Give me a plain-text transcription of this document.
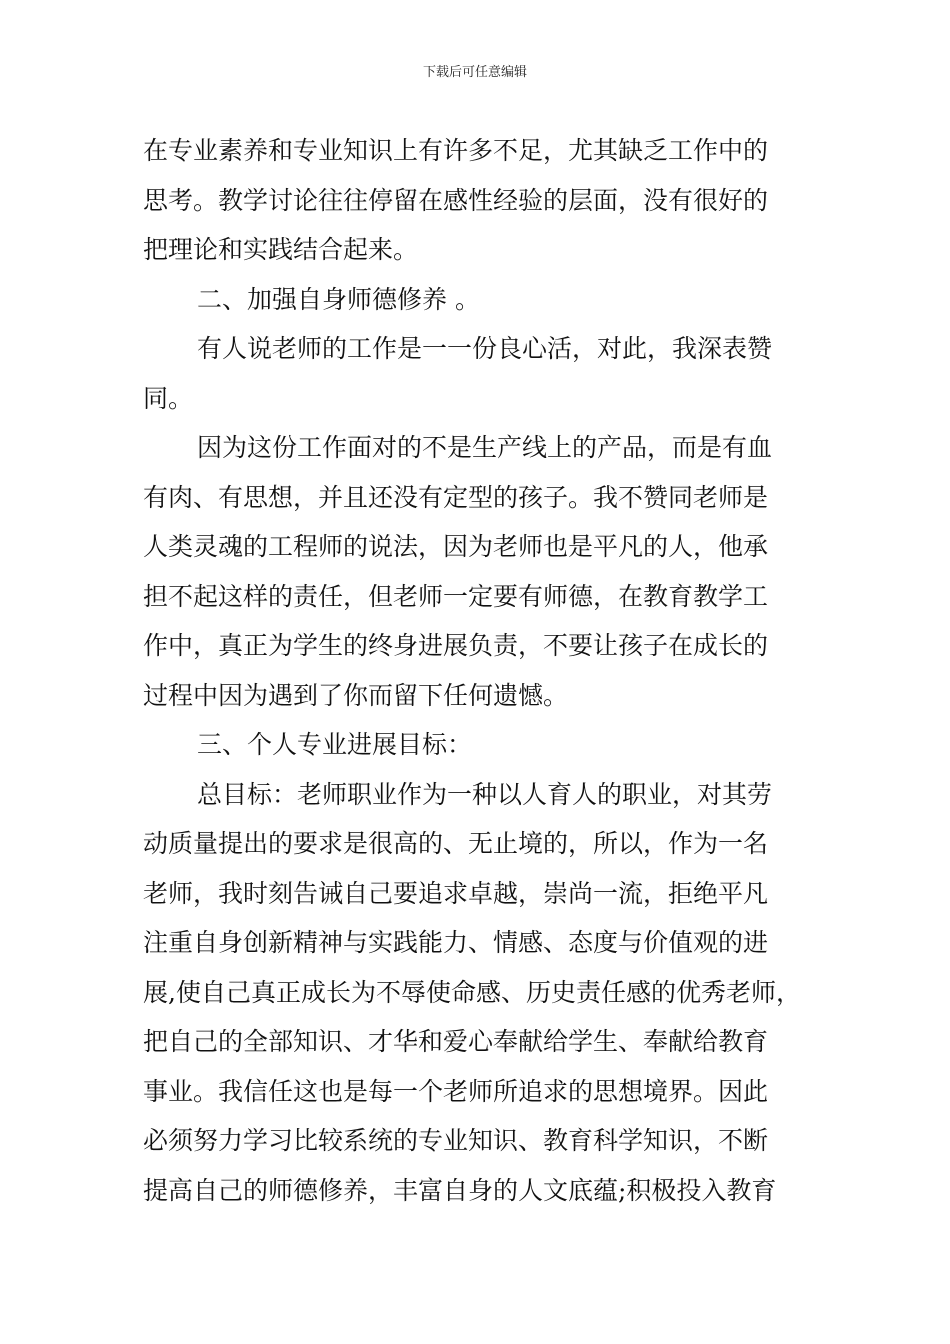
下载后可任意编辑
在专业素养和专业知识上有许多不足，尤其缺乏工作中的
思考。教学讨论往往停留在感性经验的层面，没有很好的
把理论和实践结合起来。
二、加强自身师德修养 。
有人说老师的工作是一一份良心活，对此，我深表赞
同。
因为这份工作面对的不是生产线上的产品，而是有血
有肉、有思想，并且还没有定型的孩子。我不赞同老师是
人类灵魂的工程师的说法，因为老师也是平凡的人，他承
担不起这样的责任，但老师一定要有师德，在教育教学工
作中，真正为学生的终身进展负责，不要让孩子在成长的
过程中因为遇到了你而留下任何遗憾。
三、个人专业进展目标：
总目标：老师职业作为一种以人育人的职业，对其劳
动质量提出的要求是很高的、无止境的，所以，作为一名
老师，我时刻告诫自己要追求卓越，崇尚一流，拒绝平凡
注重自身创新精神与实践能力、情感、态度与价值观的进
展,使自己真正成长为不辱使命感、历史责任感的优秀老师，
把自己的全部知识、才华和爱心奉献给学生、奉献给教育
事业。我信任这也是每一个老师所追求的思想境界。因此
必须努力学习比较系统的专业知识、教育科学知识，不断
提高自己的师德修养，丰富自身的人文底蕴;积极投入教育
